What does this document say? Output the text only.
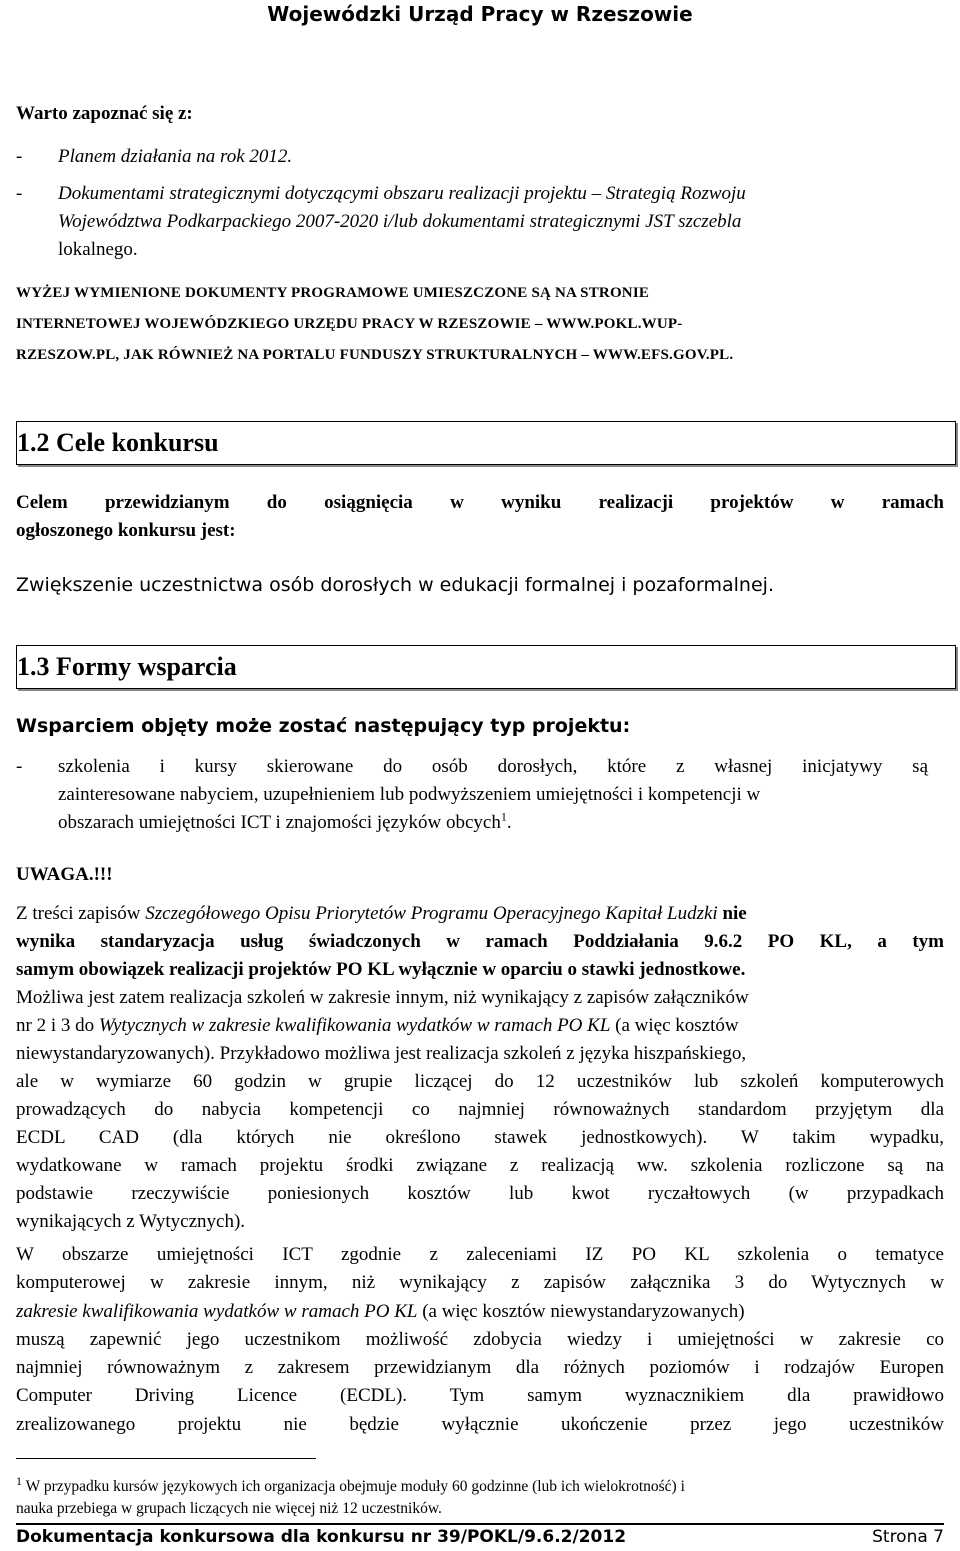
Wojewódzki Urząd Pracy w Rzeszowie

Warto zapoznać się z:

- Planem działania na rok 2012.
- Dokumentami strategicznymi dotyczącymi obszaru realizacji projektu – Strategią Rozwoju
Województwa Podkarpackiego 2007-2020 i/lub dokumentami strategicznymi JST szczebla
lokalnego.
WYŻEJ WYMIENIONE DOKUMENTY PROGRAMOWE UMIESZCZONE SĄ NA STRONIE
INTERNETOWEJ WOJEWÓDZKIEGO URZĘDU PRACY W RZESZOWIE – WWW.POKL.WUP-
RZESZOW.PL, JAK RÓWNIEŻ NA PORTALU FUNDUSZY STRUKTURALNYCH – WWW.EFS.GOV.PL.
1.2 Cele konkursu
Celem przewidzianym do osiągnięcia w wyniku realizacji projektów w ramach
ogłoszonego konkursu jest:

Zwiększenie uczestnictwa osób dorosłych w edukacji formalnej i pozaformalnej.

1.3 Formy wsparcia

Wsparciem objęty może zostać następujący typ projektu:

- szkolenia i kursy skierowane do osób dorosłych, które z własnej inicjatywy są
zainteresowane nabyciem, uzupełnieniem lub podwyższeniem umiejętności i kompetencji w
obszarach umiejętności ICT i znajomości języków obcych$^1$.

UWAGA.!!!

Z treści zapisów Szczegółowego Opisu Priorytetów Programu Operacyjnego Kapitał Ludzki nie
wynika standaryzacja usług świadczonych w ramach Poddziałania 9.6.2 PO KL, a tym
samym obowiązek realizacji projektów PO KL wyłącznie w oparciu o stawki jednostkowe.
Możliwa jest zatem realizacja szkoleń w zakresie innym, niż wynikający z zapisów załączników
nr 2 i 3 do Wytycznych w zakresie kwalifikowania wydatków w ramach PO KL (a więc kosztów
niewystandaryzowanych). Przykładowo możliwa jest realizacja szkoleń z języka hiszpańskiego,
ale w wymiarze 60 godzin w grupie liczącej do 12 uczestników lub szkoleń komputerowych
prowadzących do nabycia kompetencji co najmniej równoważnych standardom przyjętym dla
ECDL CAD (dla których nie określono stawek jednostkowych). W takim wypadku,
wydatkowane w ramach projektu środki związane z realizacją ww. szkolenia rozliczone są na
podstawie rzeczywiście poniesionych kosztów lub kwot ryczałtowych (w przypadkach
wynikających z Wytycznych).
W obszarze umiejętności ICT zgodnie z zaleceniami IZ PO KL szkolenia o tematyce
komputerowej w zakresie innym, niż wynikający z zapisów załącznika 3 do Wytycznych w
zakresie kwalifikowania wydatków w ramach PO KL (a więc kosztów niewystandaryzowanych)
muszą zapewnić jego uczestnikom możliwość zdobycia wiedzy i umiejętności w zakresie co
najmniej równoważnym z zakresem przewidzianym dla różnych poziomów i rodzajów Europen
Computer Driving Licence (ECDL). Tym samym wyznacznikiem dla prawidłowo
zrealizowanego projektu nie będzie wyłącznie ukończenie przez jego uczestników
$^1$ W przypadku kursów językowych ich organizacja obejmuje moduły 60 godzinne (lub ich wielokrotność) i
nauka przebiega w grupach liczących nie więcej niż 12 uczestników.
Dokumentacja konkursowa dla konkursu nr 39/POKL/9.6.2/2012	Strona 7
